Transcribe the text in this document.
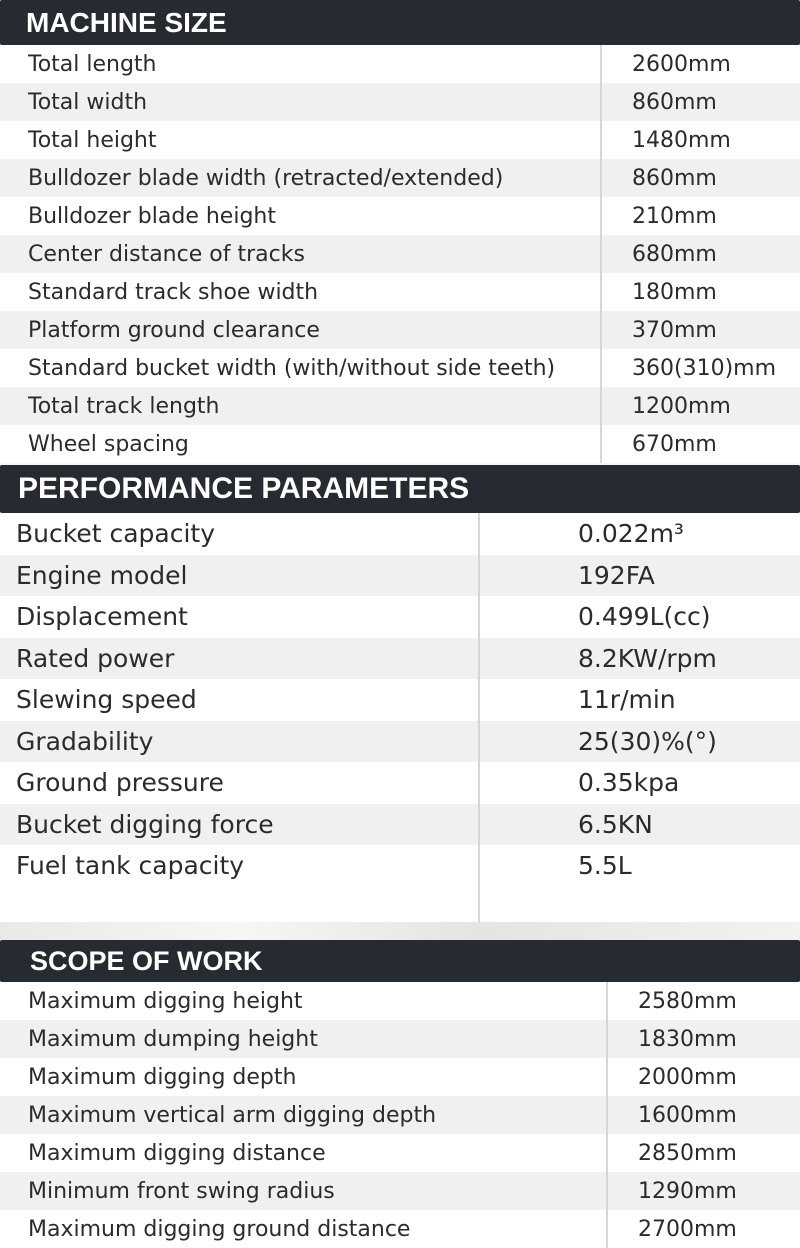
MACHINE SIZE
Total length	2600mm
Total width	860mm
Total height	1480mm
Bulldozer blade width (retracted/extended)	860mm
Bulldozer blade height	210mm
Center distance of tracks	680mm
Standard track shoe width	180mm
Platform ground clearance	370mm
Standard bucket width (with/without side teeth)	360(310)mm
Total track length	1200mm
Wheel spacing	670mm
PERFORMANCE PARAMETERS
Bucket capacity	0.022m³
Engine model	192FA
Displacement	0.499L(cc)
Rated power	8.2KW/rpm
Slewing speed	11r/min
Gradability	25(30)%(°)
Ground pressure	0.35kpa
Bucket digging force	6.5KN
Fuel tank capacity	5.5L
SCOPE OF WORK
Maximum digging height	2580mm
Maximum dumping height	1830mm
Maximum digging depth	2000mm
Maximum vertical arm digging depth	1600mm
Maximum digging distance	2850mm
Minimum front swing radius	1290mm
Maximum digging ground distance	2700mm
